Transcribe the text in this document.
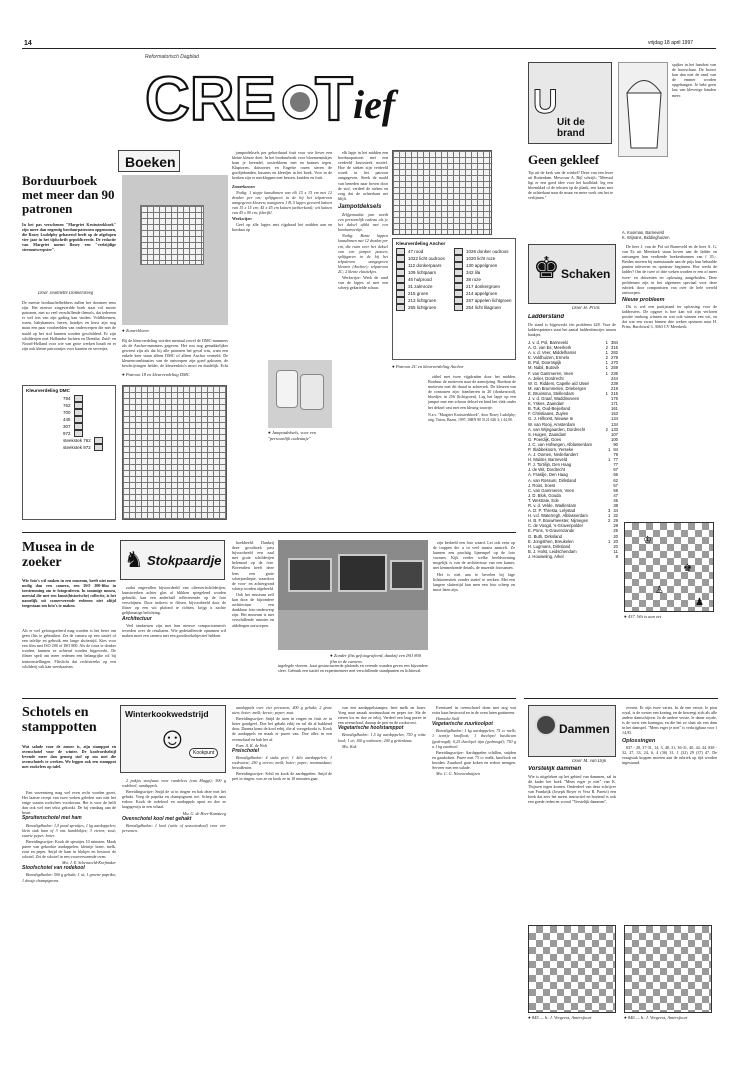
14
Reformatorisch Dagblad
vrijdag 18 april 1997
CRE T ief
Boeken
Borduurboek met meer dan 90 patronen
In het pas verschenen "Margriet Kruissteekboek" zijn meer dan negentig borduurpatronen opgenomen, die Rosey Ludolphy gebaseerd heeft op de afgelopen vier jaar in het tijdschrift gepubliceerde. De redactie van Margriet noemt Rosey een "veelzijdige steenontwerpster".
Door Jeannette Donkersteeg
De meeste borduurliefhebbers zullen het doormee eens zijn. Het nieuwe zingeverdde boek staat vol mooie patronen, niet zo veel verschillende thema's, dat iedereen er wel iets van zijn gading kan vinden. Voldbloemen, rozen, babykamers, beren, hondjes en kerst zijn nog maar een paar voorbeelden van onderwerpen die met de naald op het stof kunnen worden geschilderd. Er zijn schilderijen met Hollandse luchten en Drenthe, Zuid- en Noord-Holland voor wie van grote werken houdt en er zijn ook kleine patroontjes voor kaarten en servetjes.
Kleurverdeling DMC
794
762
700
445
307
972
steekstek 762
steekstek 972
● Zomerbloem
Bij de kleurverdeling worden mentaal zowel de DMC-nummers als de Anchor-nummers gegeven. Het zou nog gemakkelijker geweest zijn als dat bij alle patronen het geval was, want een enkele keer staan alleen DMC of alleen Anchor vermeld. De kleurencombinaties van de ontwerpen zijn goed gekozen, de beschrijvingen helder, de kleurenfoto's mooi en duidelijk. Echt
● Patroon 18 en kleurverdeling DMC

jampotdeksels per geborduurd fruit voor wie liever een kleine kleuze doet. In het borduurboek voor bloemenstukjes kom je lavendel, oosterbloem met en brames tegen. Kluptoren, daisroetes en Engelse rozen sieren de gordijnbanden, kussens en kleedjes in het boek. Voor in de keuken zijn er merklappen met bessen, kruiden en fruit.

Zomerkussen

Nodig: 1 stapje kaasdinnen van elk 15 x 15 cm met 12 draden per cm; splijtgaren in de bij het telpatroon aangegeven kleuren; naaigaren 1 B, 5 lapjes gevoerd katoen van 15 x 15 cm; 45 x 45 cm katoen (achterkant); wit katoen van 45 x 90 cm; fiberfill.

Werkwijze:

Geef op alle lapjes met rijgdraad het midden aan en borduur op

● Jampotdeksels, voor een "persoonlijk cadeautje"

elk lapje in het midden een borduurpatroon met een verdeeld kruissteek motief. Hoe de steken zijn verdeeld wordt in het patroon aangegeven. Steek de naald van beneden naar boven door de stof, verdeel de steken en zorg dat de achterkant net blijft.

Jampotdeksels

Zelfgemaakte jam wordt een persoonlijk cadeau als je het deksel aftikt met een borduurwerkje.

Nodig: Bonte lappen kaasdinnen met 12 draden per cm, die ruim over het deksel van een jampot passen; splijtgaren in de bij het telpatroon aangegeven kleuren (Anchor); telpatroon 2C; 2 kleine elastiekjes.

Werkwijze: Werk de rand van de lapjes af met een scherp gekartelde schaar.

Kleurverdeling Anchor
47 rood	1026 donker oudroos
1022 licht oudroos	1020 licht roze
112 donkerpaars	130 appelgroen
109 lichtpaars	342 lila
46 hulprood	38 roze
31 zalmroze	217 donkergroen
215 groen	214 appelgroen
213 lichtgroen	257 appelen lichtgroen
255 lichtgroen	254 licht lilagroen
● Patroon 2C en kleurverdeling Anchor

zitbel met twee vijgdraden door het midden. Borduur de motieven naar de aanwijzing. Borduur de motieven met dit draad in achtersek. De kleuren van de contouren zijn: framberren in 20 (donkerrood), bloedjes in 256 (lichtgroen). Leg het lapje op een jampot met een schoon deksel en bind het vlak onder het deksel vast met een kleurig touwtje.

N.a.v. "Margriet Kruissteekboek", door Rosey Ludolphy; uitg. Tirion, Baarn, 1997; ISBN 90 5121 626 3; f 44,90.

Musea in de zoeker
Wie foto's wil maken in een museum, heeft niet meer nodig dan een camera, een ISO 200-film in toestemming om te fotograferen. In sommige musea, meestal die met een kunst(historische) collectie, is het namelijk uit conserverende redenen niet altijd toegestaan om foto's te maken.
Als er wel gefotografeerd mag worden is het beter om geen flits te gebruiken. Zet de camera op een statief of een tafeltje en gebruik een lange sluitertijd. Kies voor een film met ISO 200 of ISO 800. Als de fotos te donker worden, kunnen ze achteraf worden bijgewerkt. De filmer spelt om meer redenen een belangrijke rol bij tentoonstellingen. Flitslicht dat rechtstreeks op een schilderij valt kan weerkaatsen.
♞ Stokpaardje

zodat ongevallen bijvoordeeld van oliesverfschilderijen, kunstwerken achter glas of blikken spiegelend worden gebruikt, kan een anderhalf reflecterende op de foto verschijnen. Door indirect te flitsen, bijvoorbeeld door de flitser op een wit plafond te richten, krijgt u zachte gelijkmatige belichting.

Architectuur

Veel tandartsen zijn met hun nieuwe compactcamera's tevreden over de resultaten. Wie gedetailleerde opnamen wil maken moet een camera met een groothoekobjectief hebben.

hoekbeeld. Dankzij deze groothoek past bijvoorbeeld een zaal met grote schilderijen helemaal op de foto. Bovendien heeft deze lens een grote scherptediepte, waardoor de voor- en achtergrond scherp worden afgebeeld.

Ook het museum zelf kan door de bijzondere architectuur een dankbaar foto-onderwerp zijn. Het museum is met verschillende ruimtes en afdelingen ontworpen.

● Zonder flits gefotografeerd, dankzij een ISO 800 film in de camera.
ingelegde vloeren, fraai gestructureerde plafonds en verende wanden geven een bijzondere sfeer. Gebruik een statief en experimenteer met verschillende standpunten en lichtinval.

zijn bedoeld een foto waard. Let ook eens op de trappen die u in veel musea aantreft. Ze kunnen een prachtig lijnenspel op de foto vormen. Kijk verder welke beeldvorming mogelijk is van de architectuur van een kamer, met kenmerkende details, de muzeale fotosamen.

Het is niet aan te bevelen bij lage lichtintensiteit zonder statief te werken. Met een langere sluitertijd kan men een foto scherp en mooi laten zijn.

Schotels en stamppotten
Wat salade voor de zomer is, zijn stamppot en ovenschotel voor de winter. De koolvoedselzijl levende meer dan genoeg stof op om met die ovenschotels te werken. We leggen ook een stamppot met rookvlees op tafel.

Een wezensteeg mag wel even recht worden gezet. Het laatste recept van twee weken geleden was niet het enige waarin rookvlees voorkwam. Het is voor de helft dan ook wel met tekst gekookt. De bij vandaag aan de beurt.

Spruitenschotel met ham

Benodigdheden: 1,5 pond spruitjes, 1 kg aardappelen; klein stuk ham of 3 ons hamblokjes; 3 eieren; zout; zwarte peper; boter.

Bereidingswijze: Kook de spruitjes 10 minuten. Maak puree van gekookte aardappelen, kleintje boter, melk, zout en peper. Snijd de ham in blokjes en bestrooi de schotel. Zet de schotel in een voorverwarmde oven.

Mw. J. E. Schenaveld-Korfmaker

Stoofschotel van rodekool

Benodigdheden: 500 g gehakt; 1 ui; 1 groene paprika; 1 dossje champignons.

Winterkookwedstrijd
☺	Kookpunt

2 pakjes stoofsaus voor rundvlees (van Maggi); 500 g rodekool; aardappels.

Bereidingswijze: Snijd de ui in ringen en bak deze met het gehakt. Voeg de paprika en champignons toe. Schep de saus erdoor. Kook de rodekool en aardappels apart en doe ze laagsgewijs in een schaal.

Mw. G. de Heer-Kamsteeg

Ovenschotel kool met gehakt

Benodigdheden: 1 kool (witte of savooienkool) voor vier personen.

aardappels over vier personen, 400 g gehakt; 2 grote uien; boter; melk; kerrie; peper; zout.

Bereidingswijze: Snijd de uien in ringen en fruit ze in boter goudgeel. Doe het gehakt erbij en rul dit al bakkend door. Daarna komt de kool erbij, die al voorgekookt is. Kook de aardappels en maak er puree van. Doe alles in een ovenschaal en bak het af.

Fam. A. K. de Wolt

Preischotel

Benodigdheden: 4 stuks prei; 1 kilo aardappelen; 1 rookworst; 250 g eieren; melk; boter; peper; nootmuskaat; broodkruim.

Bereidingswijze: Schil en kook de aardappelen. Snijd de prei in ringen, was ze en kook ze in 10 minuten gaar.

van een aardappelstamper, bete melk en boter. Voeg naar smaak nootmuskaat en peper toe. Sla de eieren los en doe ze erbij. Verdeel een laag puree in een ovenschaal, daarop de prei en de rookworst.

Vegetarische hoolstamppot

Benodigdheden: 1,5 kg aardappelen, 750 g witte kool; 1 ui; 100 g walnoten; 200 g geitenkaas.

Mw. Kok

Eventueel in ovenschotel doen met nog wat extra kaas bestrooid en in de oven laten gratineren.

Hannoke Stoll

Vegetarische zuurkoolpot

Benodigdheden: 1 kg aardappelen, 75 cc melk; 1 teentje knoflook; 1 theelepel basilicum (gedroogd); 0,25 theelepel tijm (gedroogd); 750 g a 1 kg zuurkool.

Bereidingswijze: Aardappelen schillen, snijden en gaarkoken. Puree met 75 cc melk, knoflook en kruiden. Zuurkool gaar koken en erdoor mengen. Serveer met een salade.

Mw. C. G. Nieuwenhuijzen

U
Uit de brand
Geen gekleef
Tip uit de kerk van de winkel? Deze van een lezer uit Rotterdam. Mevrouw A. Bijl schrijft: "Meestal ligt er een goed idee voor het koolblad: leg een bloemblad of de teksten op de plank, een kaart met de achterkant naar de muur en meer werk om het te verlijmen."
spijker in het handvat van de boorschaar. De boorst kan dan niet de rand van de emmer worden opgehangen. Je hebt geen last van kleverige handen meer.
A. Kooiman, Barneveld
K. Wijnans, Biddinghuizen
♚ Schaken
Door H. Prins
Ladderstand
De stand is bijgewerkt t/m probleem 428. Voor de laddersprinters staat het aantal laddersbeurtjes tussen haakjes.
J. v. d. Pol, Barneveld	1 384
A. G. van Es, Meerkerk	2 315
A. v. d. Veer, Middelharnis	1 282
E. Voldhuizen, Ermelo	2 278
B. Pol, Doornspijk	1 270
M. Nabil, Butovik	1 259
F. van Gammeren, Veen	1 235
A. Jelier, Dordrecht	244
W. G. Ridders, Capelle a/d IJssel	239
M. van Brummelen, Driebergen	219
E. Bruinsma, Stellendam	1 215
J. v. d. Graaf, Waddinxveen	176
K. Yskes, Zaandam	171
B. Tuk, Oud-Beijerland	161
F. Christiaans, Zuylen	153
G. J. Hilhorst, Nieuwe Ie	134
W. van Rooij, Amsterdam	134
A. van Wijngaarden, Dordrecht	2 133
S. Huigen, Zaandam	107
G. Poerdijk, Goes	100
J. C. van Hofwegen, Alblasserdam	90
P. Slabbekoorn, Yerseke	1 84
A. J. Oomen, Nederlandert	79
H. Mulder, Barneveld	1 77
P. J. Tortilijn, Den Haag	77
J. de Wit, Dordrecht	67
A. Frasilje, Den Haag	66
A. van Rossum, Dirksland	62
J. Roos, Soest	57
C. van Gammeren, Veen	59
J. D. Blok, Gouda	47
T. Westrate, Ede	45
R. v. d. Velde, Wadlerdam	38
A. D. P. Thresta, Lelystad	3 34
H. v.d. Waterregh, Alblasserdam	1 32
H. B. F. Bouwmeester, Nijmegen	2 29
C. de Voogd, 's-Gravenpolder	28
E. Pons, 's-Gravenzande	25
G. Buth, Dirksland	20
E. Jongsthen, Breukelen	1 20
H. Lugmans, Dirksland	20
B. J. Holst, Leidschendam	11
J. Houweling, Arkel	8

De heer J. van de Pol uit Barneveld en de heer A. G. van Es uit Meerkerk staan hoven aan de ladder en ontvangen hun verdiende boekenbonnen van f 35,-. Beiden moeten bij nuenstaande aan de prijs hun behaalde punten inleveren en opnieuw beginnen. Hoe werkt de ladder? Om de twee of drie weken worden er een of meer twee- en driezetten ter oplossing aangeboden. Deze problemen zijn in het algemeen speciaal voor deze rubriek door componisten van over de hele wereld ontworpen.

Nieuw probleem

Dit is wel een partijstand ter oplossing voor de laddersters. De opgave is hoe kan wit zijn verloren positie omhoog winnen en wat ook winnen een wit, en dat wat een zwart binnen drie weken opsturen naar H. Prins, Burchtwal 3, 3063 CV Meerkerk.

♔
♚
♙
♟
● 437. Wit is aan zet
Dammen
Door M. van Dijk
Vorstelijk dammen
Wie is uitgeleken op het gebied van dammen, zal in dit kader het boek "Mens erger je niet" van K. Thijssen tegen komen. Onderdeel van deze schrijver van Frankrijk (Joseph Boyer et Vera R. Pareto) een boek dat zeer het meest instructief en boeiend is ook een goede reden en vooral "Verstelijk dammen".

overen. Er zijn twee varies. In de ene versie, le pion royal, is de wester een koning, en de beweegt zich als alle andere damschijven. In de andere versie, le dame royale, is de vorst een koningin, en die het zo slaat als een dam in het damspel. "Mens erger je niet" is verkrijgbaar voor f 14,95.

Oplossingen

837 - 28, 37-31, 14, 3, 48, 31, 36-31, 40, 44, 44. 838 - 32, 27, 33, 24, 6, 4 (36) 31, 1 (32) 29 (37) 47. De vraagstuk koppen moeten aan de rubriek op tijd worden ingestuurd.

● 845 — b: J. Vergeest, Amersfoort	● 846 — b: J. Vergeest, Amersfoort
